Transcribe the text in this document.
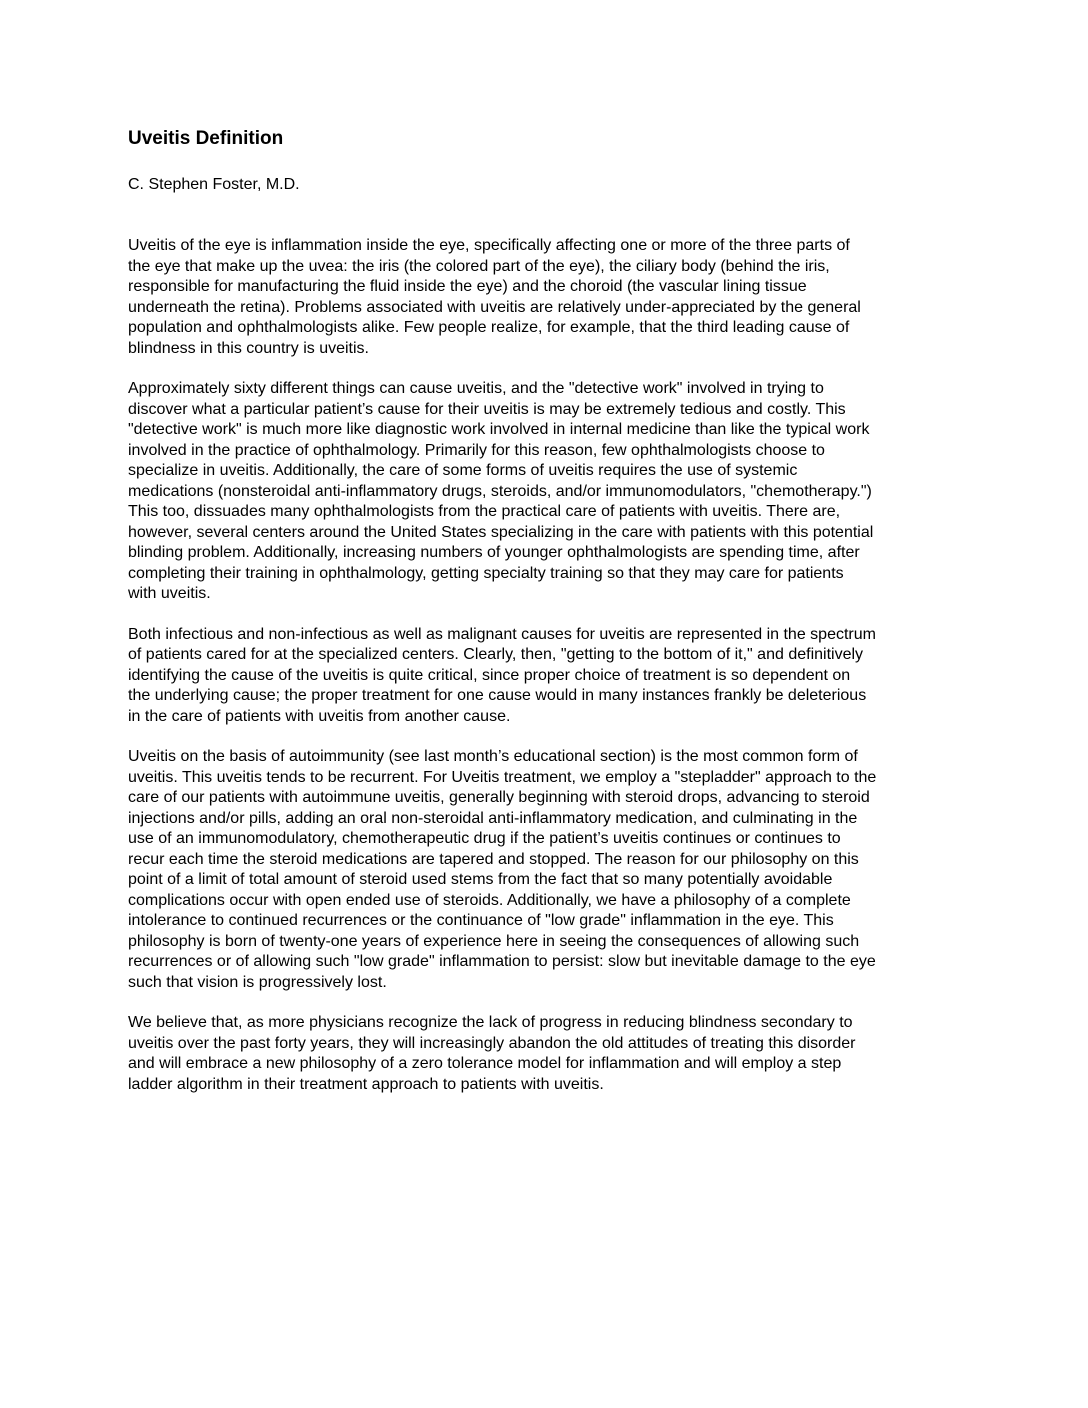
Uveitis Definition

C. Stephen Foster, M.D.

Uveitis of the eye is inflammation inside the eye, specifically affecting one or more of the three parts of
the eye that make up the uvea: the iris (the colored part of the eye), the ciliary body (behind the iris,
responsible for manufacturing the fluid inside the eye) and the choroid (the vascular lining tissue
underneath the retina). Problems associated with uveitis are relatively under-appreciated by the general
population and ophthalmologists alike. Few people realize, for example, that the third leading cause of
blindness in this country is uveitis.

Approximately sixty different things can cause uveitis, and the "detective work" involved in trying to
discover what a particular patient’s cause for their uveitis is may be extremely tedious and costly. This
"detective work" is much more like diagnostic work involved in internal medicine than like the typical work
involved in the practice of ophthalmology. Primarily for this reason, few ophthalmologists choose to
specialize in uveitis. Additionally, the care of some forms of uveitis requires the use of systemic
medications (nonsteroidal anti-inflammatory drugs, steroids, and/or immunomodulators, "chemotherapy.")
This too, dissuades many ophthalmologists from the practical care of patients with uveitis. There are,
however, several centers around the United States specializing in the care with patients with this potential
blinding problem. Additionally, increasing numbers of younger ophthalmologists are spending time, after
completing their training in ophthalmology, getting specialty training so that they may care for patients
with uveitis.

Both infectious and non-infectious as well as malignant causes for uveitis are represented in the spectrum
of patients cared for at the specialized centers. Clearly, then, "getting to the bottom of it," and definitively
identifying the cause of the uveitis is quite critical, since proper choice of treatment is so dependent on
the underlying cause; the proper treatment for one cause would in many instances frankly be deleterious
in the care of patients with uveitis from another cause.

Uveitis on the basis of autoimmunity (see last month’s educational section) is the most common form of
uveitis. This uveitis tends to be recurrent. For Uveitis treatment, we employ a "stepladder" approach to the
care of our patients with autoimmune uveitis, generally beginning with steroid drops, advancing to steroid
injections and/or pills, adding an oral non-steroidal anti-inflammatory medication, and culminating in the
use of an immunomodulatory, chemotherapeutic drug if the patient’s uveitis continues or continues to
recur each time the steroid medications are tapered and stopped. The reason for our philosophy on this
point of a limit of total amount of steroid used stems from the fact that so many potentially avoidable
complications occur with open ended use of steroids. Additionally, we have a philosophy of a complete
intolerance to continued recurrences or the continuance of "low grade" inflammation in the eye. This
philosophy is born of twenty-one years of experience here in seeing the consequences of allowing such
recurrences or of allowing such "low grade" inflammation to persist: slow but inevitable damage to the eye
such that vision is progressively lost.

We believe that, as more physicians recognize the lack of progress in reducing blindness secondary to
uveitis over the past forty years, they will increasingly abandon the old attitudes of treating this disorder
and will embrace a new philosophy of a zero tolerance model for inflammation and will employ a step
ladder algorithm in their treatment approach to patients with uveitis.
